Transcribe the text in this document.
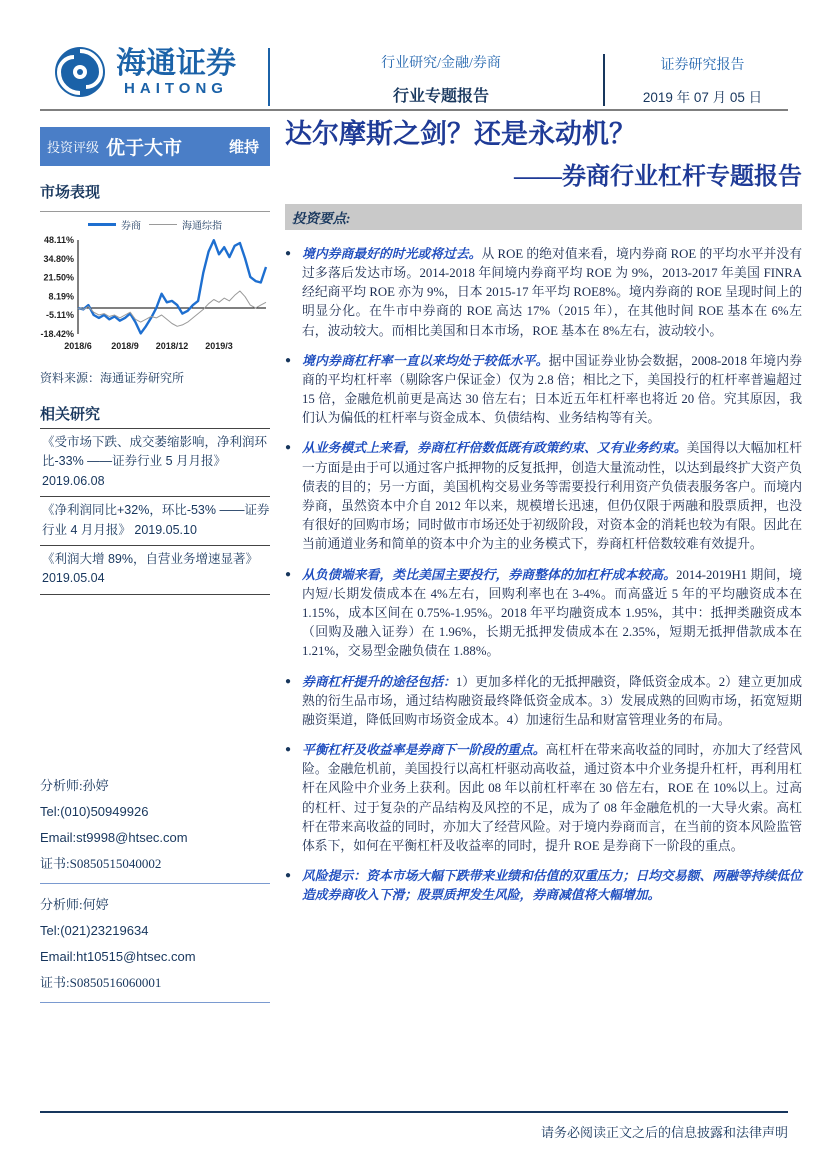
海通证券
HAITONG
行业研究/金融/券商
行业专题报告
证券研究报告
2019 年 07 月 05 日
投资评级 优于大市	维持
市场表现
券商	海通综指
48.11%
34.80%
21.50%
8.19%
-5.11%
-18.42%
2018/6 2018/9 2018/12 2019/3
资料来源：海通证券研究所
相关研究
《受市场下跌、成交萎缩影响，净利润环比-33% ——证券行业 5 月月报》 2019.06.08
《净利润同比+32%，环比-53% ——证券行业 4 月月报》 2019.05.10
《利润大增 89%，自营业务增速显著》 2019.05.04
分析师:孙婷
Tel:(010)50949926
Email:st9998@htsec.com
证书:S0850515040002
分析师:何婷
Tel:(021)23219634
Email:ht10515@htsec.com
证书:S0850516060001
达尔摩斯之剑？还是永动机？
——券商行业杠杆专题报告
投资要点:
● 境内券商最好的时光或将过去。从 ROE 的绝对值来看，境内券商 ROE 的平均水平并没有过多落后发达市场。2014-2018 年间境内券商平均 ROE 为 9%，2013-2017 年美国 FINRA 经纪商平均 ROE 亦为 9%，日本 2015-17 年平均 ROE8%。境内券商的 ROE 呈现时间上的明显分化。在牛市中券商的 ROE 高达 17%（2015 年），在其他时间 ROE 基本在 6%左右，波动较大。而相比美国和日本市场，ROE 基本在 8%左右，波动较小。

● 境内券商杠杆率一直以来均处于较低水平。据中国证券业协会数据，2008-2018 年境内券商的平均杠杆率（剔除客户保证金）仅为 2.8 倍；相比之下，美国投行的杠杆率普遍超过 15 倍，金融危机前更是高达 30 倍左右；日本近五年杠杆率也将近 20 倍。究其原因，我们认为偏低的杠杆率与资金成本、负债结构、业务结构等有关。

● 从业务模式上来看，券商杠杆倍数低既有政策约束、又有业务约束。美国得以大幅加杠杆一方面是由于可以通过客户抵押物的反复抵押，创造大量流动性，以达到最终扩大资产负债表的目的；另一方面，美国机构交易业务等需要投行利用资产负债表服务客户。而境内券商，虽然资本中介自 2012 年以来，规模增长迅速，但仍仅限于两融和股票质押，也没有很好的回购市场；同时做市市场还处于初级阶段，对资本金的消耗也较为有限。因此在当前通道业务和简单的资本中介为主的业务模式下，券商杠杆倍数较难有效提升。

● 从负债端来看，类比美国主要投行，券商整体的加杠杆成本较高。2014-2019H1 期间，境内短/长期发债成本在 4%左右，回购利率也在 3-4%。而高盛近 5 年的平均融资成本在 1.15%，成本区间在 0.75%-1.95%。2018 年平均融资成本 1.95%，其中：抵押类融资成本（回购及融入证券）在 1.96%，长期无抵押发债成本在 2.35%，短期无抵押借款成本在 1.21%，交易型金融负债在 1.88%。

● 券商杠杆提升的途径包括：1）更加多样化的无抵押融资，降低资金成本。2）建立更加成熟的衍生品市场，通过结构融资最终降低资金成本。3）发展成熟的回购市场，拓宽短期融资渠道，降低回购市场资金成本。4）加速衍生品和财富管理业务的布局。

● 平衡杠杆及收益率是券商下一阶段的重点。高杠杆在带来高收益的同时，亦加大了经营风险。金融危机前，美国投行以高杠杆驱动高收益，通过资本中介业务提升杠杆，再利用杠杆在风险中介业务上获利。因此 08 年以前杠杆率在 30 倍左右，ROE 在 10%以上。过高的杠杆、过于复杂的产品结构及风控的不足，成为了 08 年金融危机的一大导火索。高杠杆在带来高收益的同时，亦加大了经营风险。对于境内券商而言，在当前的资本风险监管体系下，如何在平衡杠杆及收益率的同时，提升 ROE 是券商下一阶段的重点。

● 风险提示：资本市场大幅下跌带来业绩和估值的双重压力；日均交易额、两融等持续低位造成券商收入下滑；股票质押发生风险，券商减值将大幅增加。

请务必阅读正文之后的信息披露和法律声明
